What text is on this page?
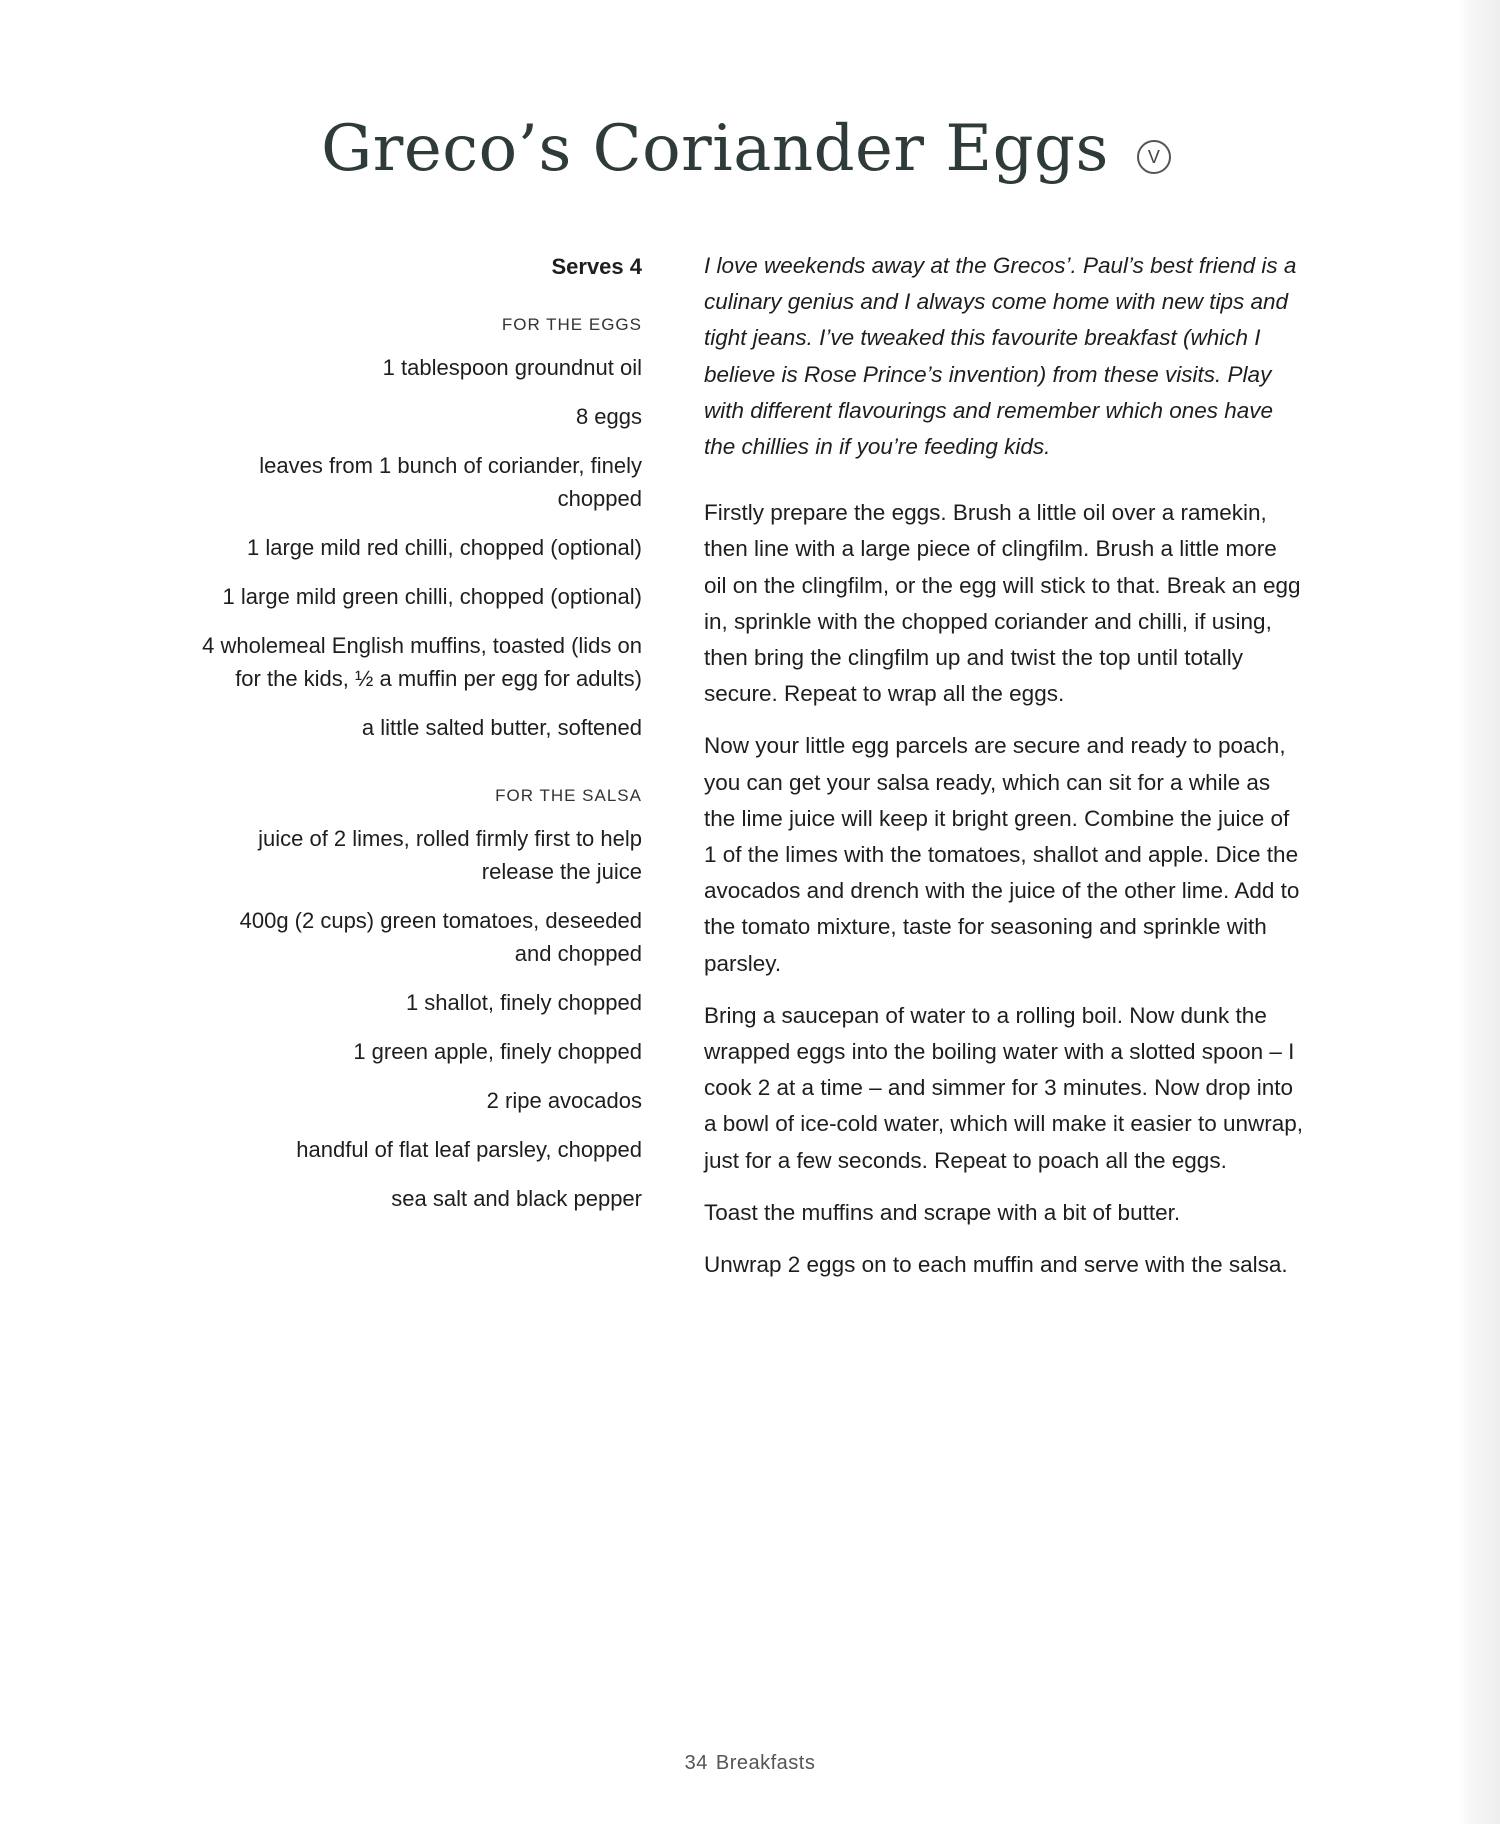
Greco’s Coriander Eggs	V
Serves 4
FOR THE EGGS
1 tablespoon groundnut oil
8 eggs
leaves from 1 bunch of coriander, finely chopped
1 large mild red chilli, chopped (optional)
1 large mild green chilli, chopped (optional)
4 wholemeal English muffins, toasted (lids on for the kids, ½ a muffin per egg for adults)
a little salted butter, softened
FOR THE SALSA
juice of 2 limes, rolled firmly first to help release the juice
400g (2 cups) green tomatoes, deseeded and chopped
1 shallot, finely chopped
1 green apple, finely chopped
2 ripe avocados
handful of flat leaf parsley, chopped
sea salt and black pepper

I love weekends away at the Grecos’. Paul’s best friend is a culinary genius and I always come home with new tips and tight jeans. I’ve tweaked this favourite breakfast (which I believe is Rose Prince’s invention) from these visits. Play with different flavourings and remember which ones have the chillies in if you’re feeding kids.

Firstly prepare the eggs. Brush a little oil over a ramekin, then line with a large piece of clingfilm. Brush a little more oil on the clingfilm, or the egg will stick to that. Break an egg in, sprinkle with the chopped coriander and chilli, if using, then bring the clingfilm up and twist the top until totally secure. Repeat to wrap all the eggs.

Now your little egg parcels are secure and ready to poach, you can get your salsa ready, which can sit for a while as the lime juice will keep it bright green. Combine the juice of 1 of the limes with the tomatoes, shallot and apple. Dice the avocados and drench with the juice of the other lime. Add to the tomato mixture, taste for seasoning and sprinkle with parsley.

Bring a saucepan of water to a rolling boil. Now dunk the wrapped eggs into the boiling water with a slotted spoon – I cook 2 at a time – and simmer for 3 minutes. Now drop into a bowl of ice-cold water, which will make it easier to unwrap, just for a few seconds. Repeat to poach all the eggs.

Toast the muffins and scrape with a bit of butter.

Unwrap 2 eggs on to each muffin and serve with the salsa.

34 Breakfasts
